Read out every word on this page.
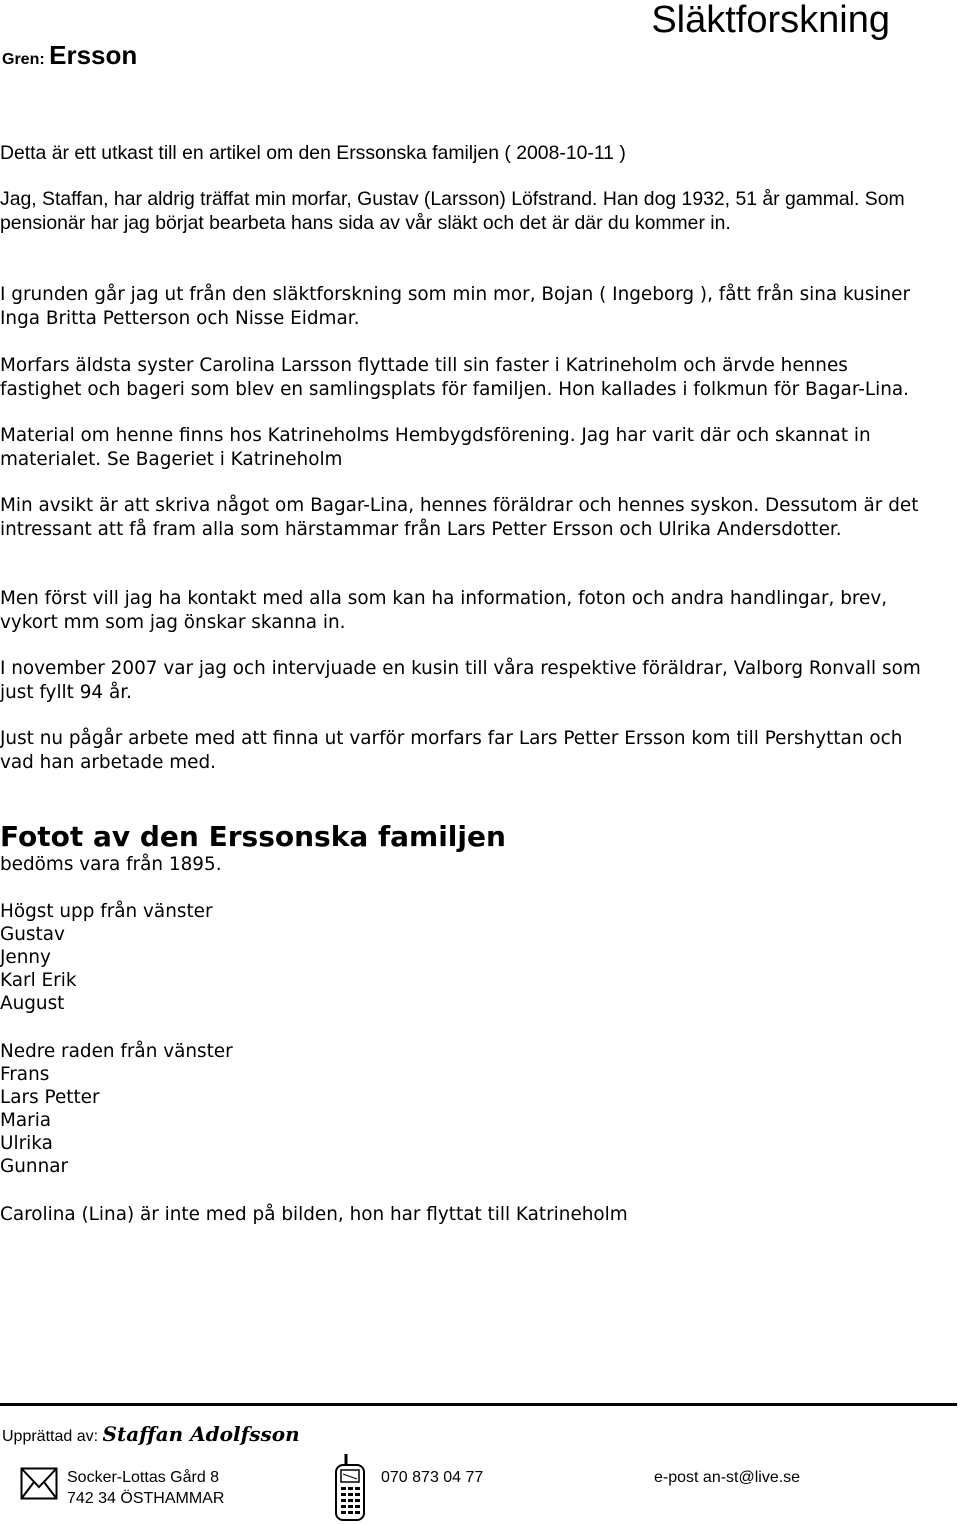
Släktforskning
Gren: Ersson

Detta är ett utkast till en artikel om den Erssonska familjen ( 2008-10-11 )

Jag, Staffan, har aldrig träffat min morfar, Gustav (Larsson) Löfstrand. Han dog 1932, 51 år gammal. Som pensionär har jag börjat bearbeta hans sida av vår släkt och det är där du kommer in.

I grunden går jag ut från den släktforskning som min mor, Bojan ( Ingeborg ), fått från sina kusiner Inga Britta Petterson och Nisse Eidmar.

Morfars äldsta syster Carolina Larsson flyttade till sin faster i Katrineholm och ärvde hennes fastighet och bageri som blev en samlingsplats för familjen. Hon kallades i folkmun för Bagar-Lina.

Material om henne finns hos Katrineholms Hembygdsförening. Jag har varit där och skannat in materialet. Se Bageriet i Katrineholm

Min avsikt är att skriva något om Bagar-Lina, hennes föräldrar och hennes syskon. Dessutom är det intressant att få fram alla som härstammar från Lars Petter Ersson och Ulrika Andersdotter.

Men först vill jag ha kontakt med alla som kan ha information, foton och andra handlingar, brev, vykort mm som jag önskar skanna in.

I november 2007 var jag och intervjuade en kusin till våra respektive föräldrar, Valborg Ronvall som just fyllt 94 år.

Just nu pågår arbete med att finna ut varför morfars far Lars Petter Ersson kom till Pershyttan och vad han arbetade med.

Fotot av den Erssonska familjen

bedöms vara från 1895.

Högst upp från vänster

Gustav

Jenny

Karl Erik

August

Nedre raden från vänster

Frans

Lars Petter

Maria

Ulrika

Gunnar

Carolina (Lina) är inte med på bilden, hon har flyttat till Katrineholm

Upprättad av: Staffan Adolfsson
Socker-Lottas Gård 8
742 34 ÖSTHAMMAR
070 873 04 77	e-post an-st@live.se
